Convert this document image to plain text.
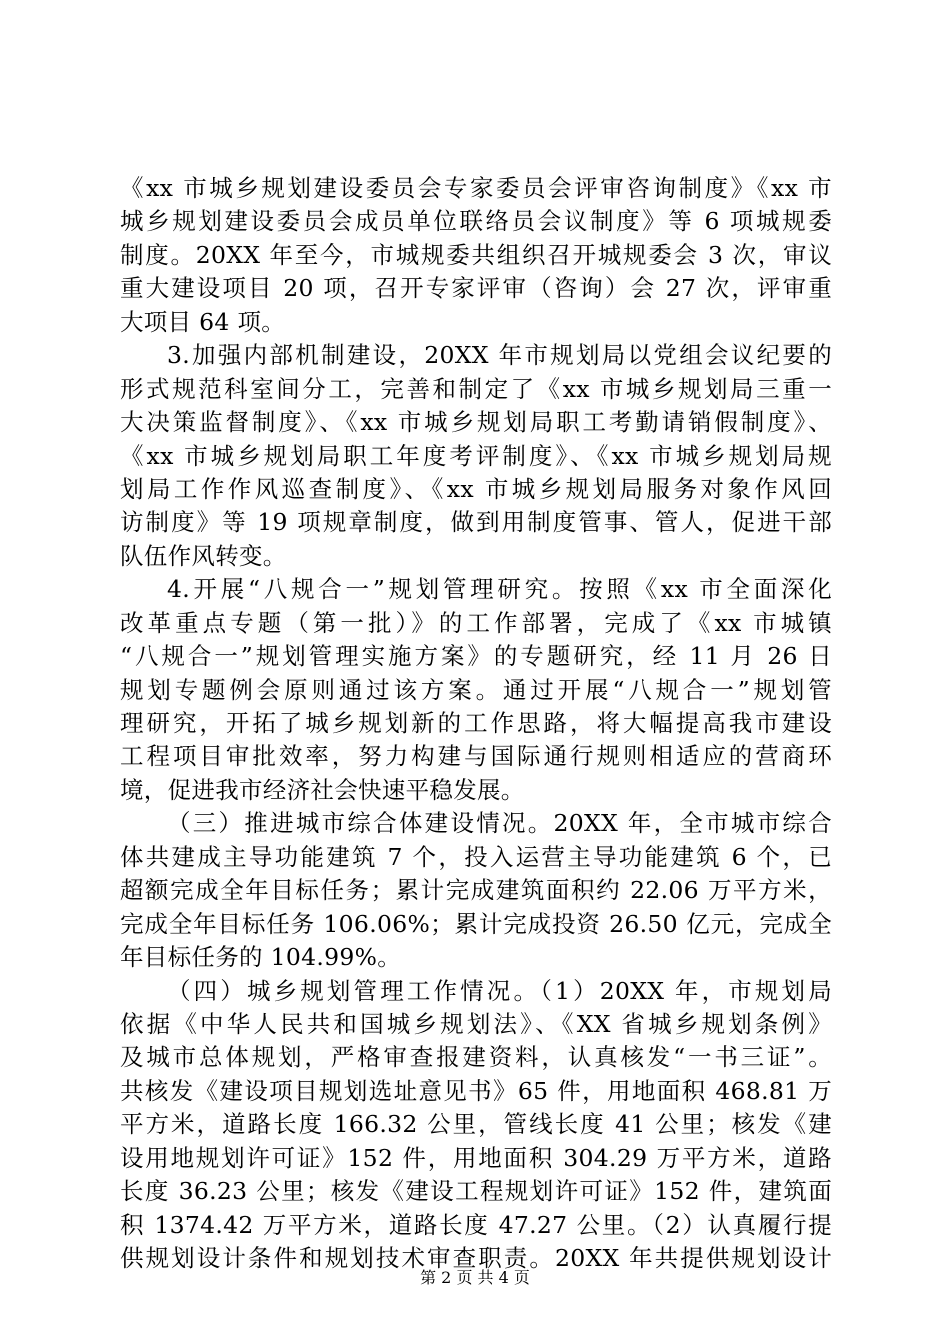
《xx 市城乡规划建设委员会专家委员会评审咨询制度》《xx 市
城乡规划建设委员会成员单位联络员会议制度》等 6 项城规委
制度。20XX 年至今，市城规委共组织召开城规委会 3 次，审议
重大建设项目 20 项，召开专家评审（咨询）会 27 次，评审重
大项目 64 项。
3.加强内部机制建设，20XX 年市规划局以党组会议纪要的
形式规范科室间分工，完善和制定了《xx 市城乡规划局三重一
大决策监督制度》、《xx 市城乡规划局职工考勤请销假制度》、
《xx 市城乡规划局职工年度考评制度》、《xx 市城乡规划局规
划局工作作风巡查制度》、《xx 市城乡规划局服务对象作风回
访制度》等 19 项规章制度，做到用制度管事、管人，促进干部
队伍作风转变。
4.开展“八规合一”规划管理研究。按照《xx 市全面深化
改革重点专题（第一批）》的工作部署，完成了《xx 市城镇
“八规合一”规划管理实施方案》的专题研究，经 11 月 26 日
规划专题例会原则通过该方案。通过开展“八规合一”规划管
理研究，开拓了城乡规划新的工作思路，将大幅提高我市建设
工程项目审批效率，努力构建与国际通行规则相适应的营商环
境，促进我市经济社会快速平稳发展。
（三）推进城市综合体建设情况。20XX 年，全市城市综合
体共建成主导功能建筑 7 个，投入运营主导功能建筑 6 个，已
超额完成全年目标任务；累计完成建筑面积约 22.06 万平方米，
完成全年目标任务 106.06%；累计完成投资 26.50 亿元，完成全
年目标任务的 104.99%。
（四）城乡规划管理工作情况。（1）20XX 年，市规划局
依据《中华人民共和国城乡规划法》、《XX 省城乡规划条例》
及城市总体规划，严格审查报建资料，认真核发“一书三证”。
共核发《建设项目规划选址意见书》65 件，用地面积 468.81 万
平方米，道路长度 166.32 公里，管线长度 41 公里；核发《建
设用地规划许可证》152 件，用地面积 304.29 万平方米，道路
长度 36.23 公里；核发《建设工程规划许可证》152 件，建筑面
积 1374.42 万平方米，道路长度 47.27 公里。（2）认真履行提
供规划设计条件和规划技术审查职责。20XX 年共提供规划设计
第 2 页 共 4 页
